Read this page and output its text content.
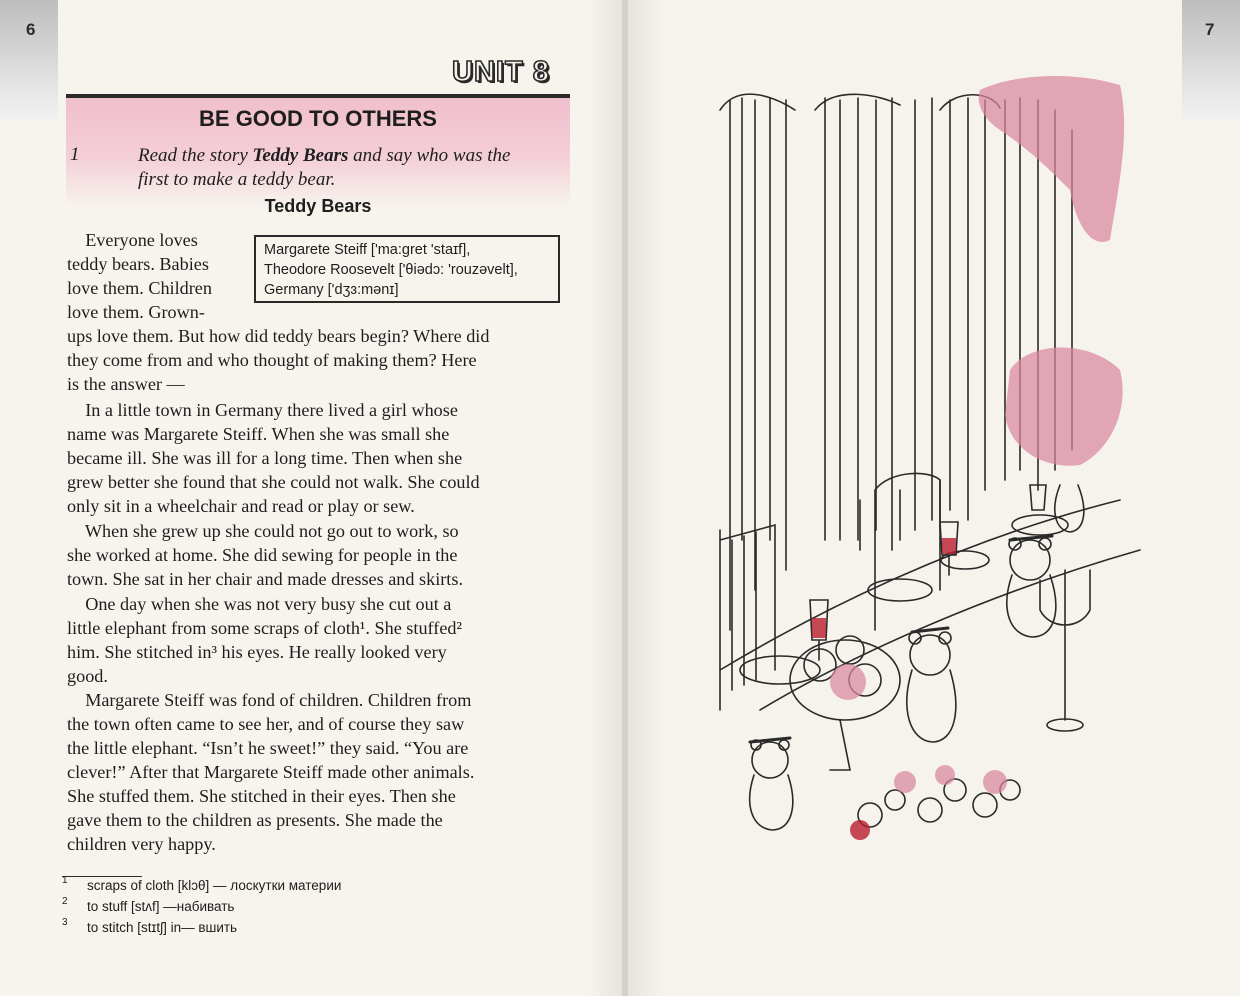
6	7
UNIT 8
BE GOOD TO OTHERS
1	Read the story Teddy Bears and say who was the
first to make a teddy bear.
Teddy Bears
Margarete Steiff ['ma:gret 'staɪf],
Theodore Roosevelt ['θiədɔ: 'rouzəvelt],
Germany ['dʒɜ:mənɪ]
Everyone loves
teddy bears. Babies
love them. Children
love them. Grown-
ups love them. But how did teddy bears begin? Where did
they come from and who thought of making them? Here
is the answer —
In a little town in Germany there lived a girl whose
name was Margarete Steiff. When she was small she
became ill. She was ill for a long time. Then when she
grew better she found that she could not walk. She could
only sit in a wheelchair and read or play or sew.
When she grew up she could not go out to work, so
she worked at home. She did sewing for people in the
town. She sat in her chair and made dresses and skirts.
One day when she was not very busy she cut out a
little elephant from some scraps of cloth¹. She stuffed²
him. She stitched in³ his eyes. He really looked very
good.
Margarete Steiff was fond of children. Children from
the town often came to see her, and of course they saw
the little elephant. “Isn’t he sweet!” they said. “You are
clever!” After that Margarete Steiff made other animals.
She stuffed them. She stitched in their eyes. Then she
gave them to the children as presents. She made the
children very happy.
1 scraps of cloth [klɔθ] — лоскутки материи
2 to stuff [stʌf] —набивать
3 to stitch [stɪtʃ] in— вшить
